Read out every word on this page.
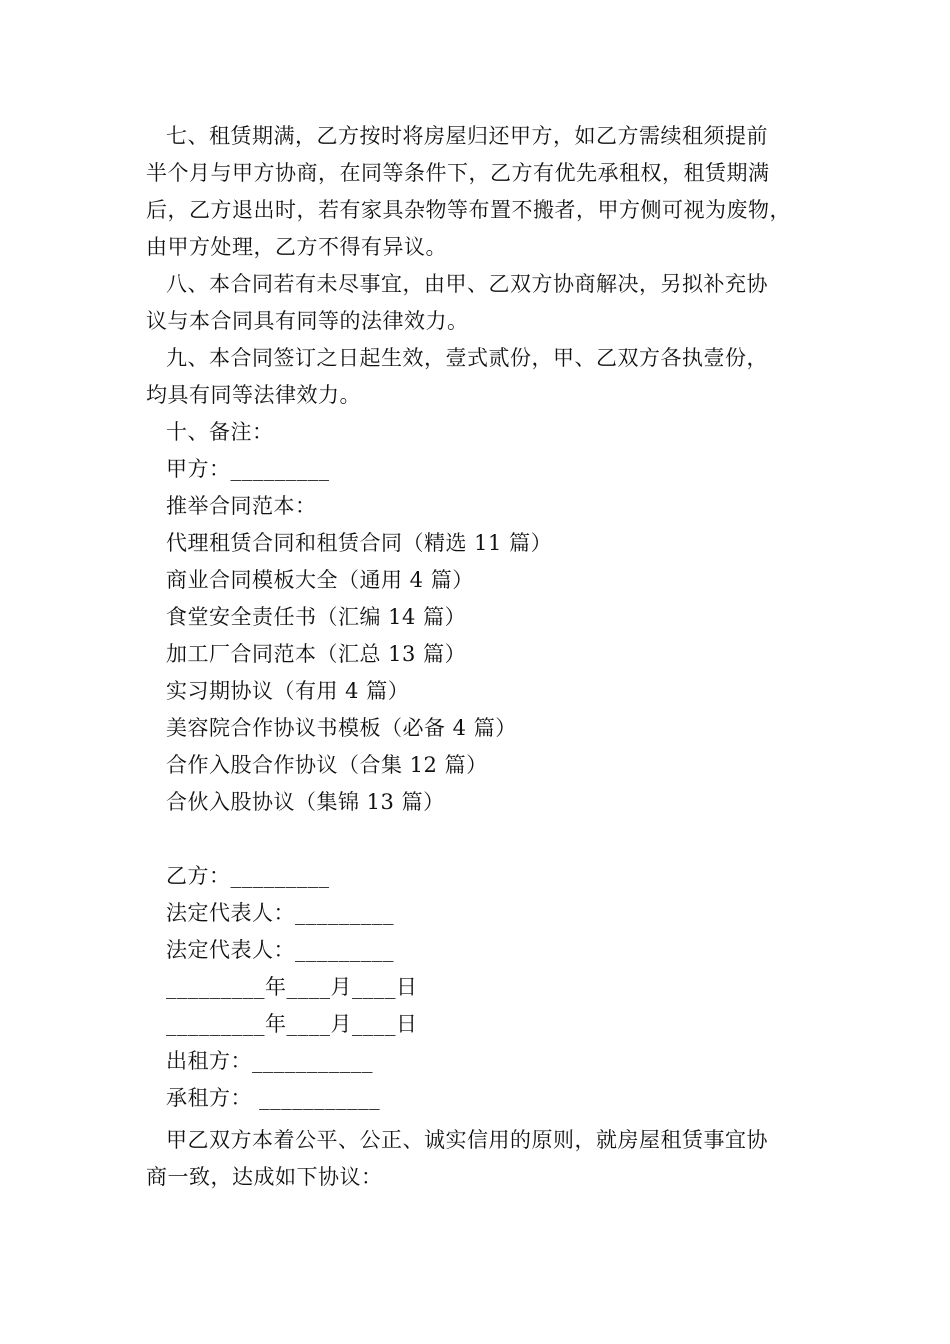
七、租赁期满，乙方按时将房屋归还甲方，如乙方需续租须提前

半个月与甲方协商，在同等条件下，乙方有优先承租权，租赁期满

后，乙方退出时，若有家具杂物等布置不搬者，甲方侧可视为废物，

由甲方处理，乙方不得有异议。

八、本合同若有未尽事宜，由甲、乙双方协商解决，另拟补充协

议与本合同具有同等的法律效力。

九、本合同签订之日起生效，壹式贰份，甲、乙双方各执壹份，

均具有同等法律效力。

十、备注：

甲方：_________

推举合同范本：

代理租赁合同和租赁合同（精选 11 篇）

商业合同模板大全（通用 4 篇）

食堂安全责任书（汇编 14 篇）

加工厂合同范本（汇总 13 篇）

实习期协议（有用 4 篇）

美容院合作协议书模板（必备 4 篇）

合作入股合作协议（合集 12 篇）

合伙入股协议（集锦 13 篇）

乙方：_________

法定代表人：_________

法定代表人：_________

_________年____月____日

_________年____月____日

出租方：___________

承租方： ___________

甲乙双方本着公平、公正、诚实信用的原则，就房屋租赁事宜协

商一致，达成如下协议：
